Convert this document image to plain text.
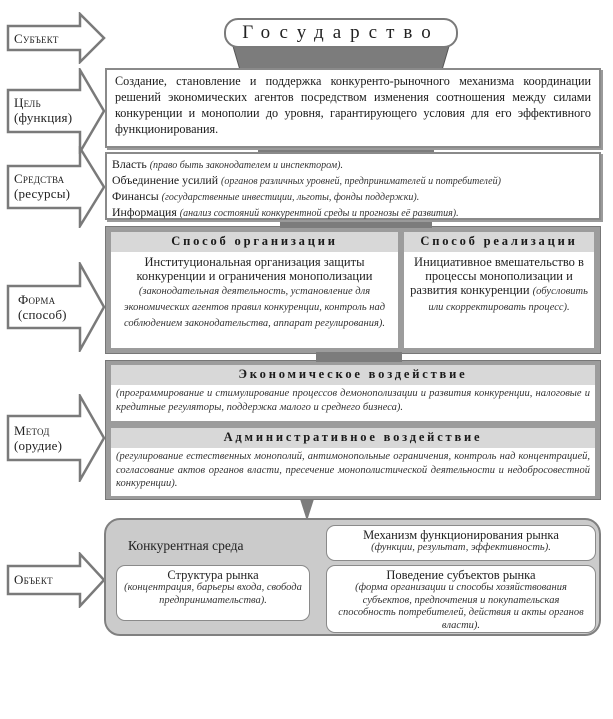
Субъект
Цель
(функция)
Средства
(ресурсы)
Форма
(способ)
Метод
(орудие)
Объект
Государство
Создание, становление и поддержка конкуренто-рыночного механизма координации решений экономических агентов посредством изменения соотношения между силами конкуренции и монополии до уровня, гарантирующего условия для его эффективного функционирования.
Власть (право быть законодателем и инспектором).
Объединение усилий (органов различных уровней, предпринимателей и потребителей)
Финансы (государственные инвестиции, льготы, фонды поддержки).
Информация (анализ состояний конкурентной среды и прогнозы её развития).
Способ организации
Институциональная организация защиты конкуренции и ограничения монополизации
(законодательная деятельность, установление для экономических агентов правил конкуренции, контроль над соблюдением законодательства, аппарат регулирования).
Способ реализации
Инициативное вмешательство в процессы монополизации и развития конкуренции (обусловить или скорректировать процесс).
Экономическое воздействие
(программирование и стимулирование процессов демонополизации и развития конкуренции, налоговые и кредитные регуляторы, поддержка малого и среднего бизнеса).
Административное воздействие
(регулирование естественных монополий, антимонопольные ограничения, контроль над концентрацией, согласование актов органов власти, пресечение монополистической деятельности и недобросовестной конкуренции).
Конкурентная среда
Механизм функционирования рынка
(функции, результат, эффективность).
Структура рынка
(концентрация, барьеры входа, свобода предпринимательства).
Поведение субъектов рынка
(форма организации и способы хозяйствования субъектов, предпочтения и покупательская способность потребителей, действия и акты органов власти).
